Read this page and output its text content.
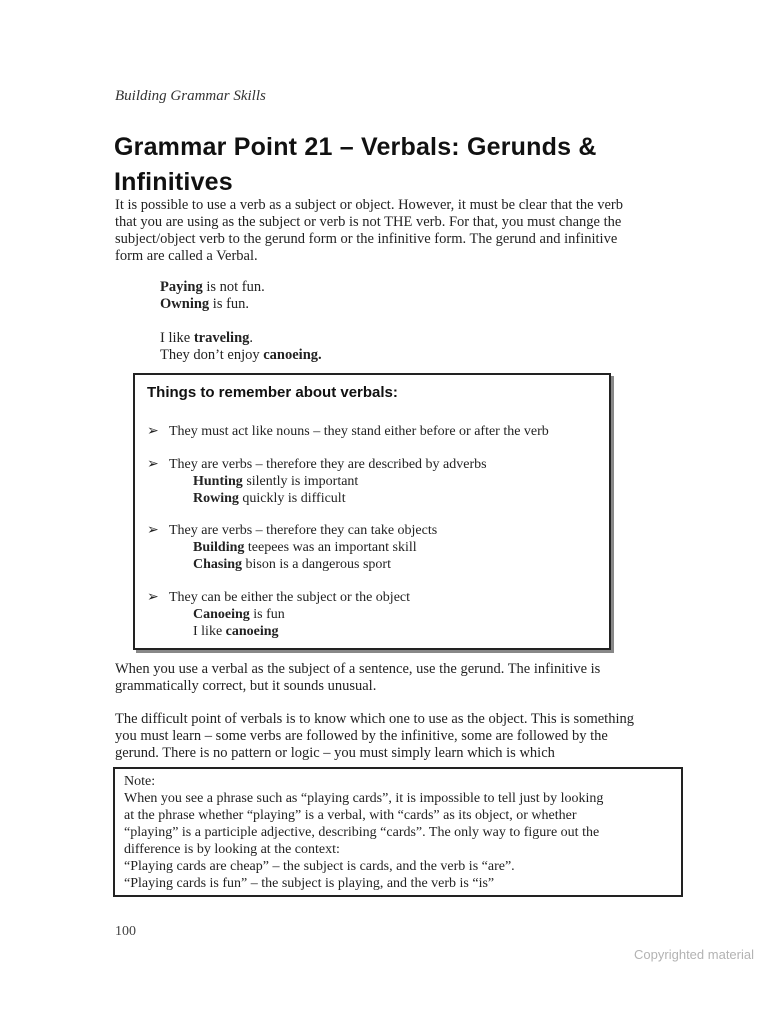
Building Grammar Skills
Grammar Point 21 – Verbals: Gerunds & Infinitives
It is possible to use a verb as a subject or object. However, it must be clear that the verb
that you are using as the subject or verb is not THE verb. For that, you must change the
subject/object verb to the gerund form or the infinitive form. The gerund and infinitive
form are called a Verbal.
Paying is not fun.
Owning is fun.
I like traveling.
They don’t enjoy canoeing.
Things to remember about verbals:
➢ They must act like nouns – they stand either before or after the verb
➢ They are verbs – therefore they are described by adverbs
Hunting silently is important
Rowing quickly is difficult
➢ They are verbs – therefore they can take objects
Building teepees was an important skill
Chasing bison is a dangerous sport
➢ They can be either the subject or the object
Canoeing is fun
I like canoeing
When you use a verbal as the subject of a sentence, use the gerund. The infinitive is
grammatically correct, but it sounds unusual.
The difficult point of verbals is to know which one to use as the object. This is something
you must learn – some verbs are followed by the infinitive, some are followed by the
gerund. There is no pattern or logic – you must simply learn which is which
Note:
When you see a phrase such as “playing cards”, it is impossible to tell just by looking
at the phrase whether “playing” is a verbal, with “cards” as its object, or whether
“playing” is a participle adjective, describing “cards”. The only way to figure out the
difference is by looking at the context:
“Playing cards are cheap” – the subject is cards, and the verb is “are”.
“Playing cards is fun” – the subject is playing, and the verb is “is”
100
Copyrighted material
